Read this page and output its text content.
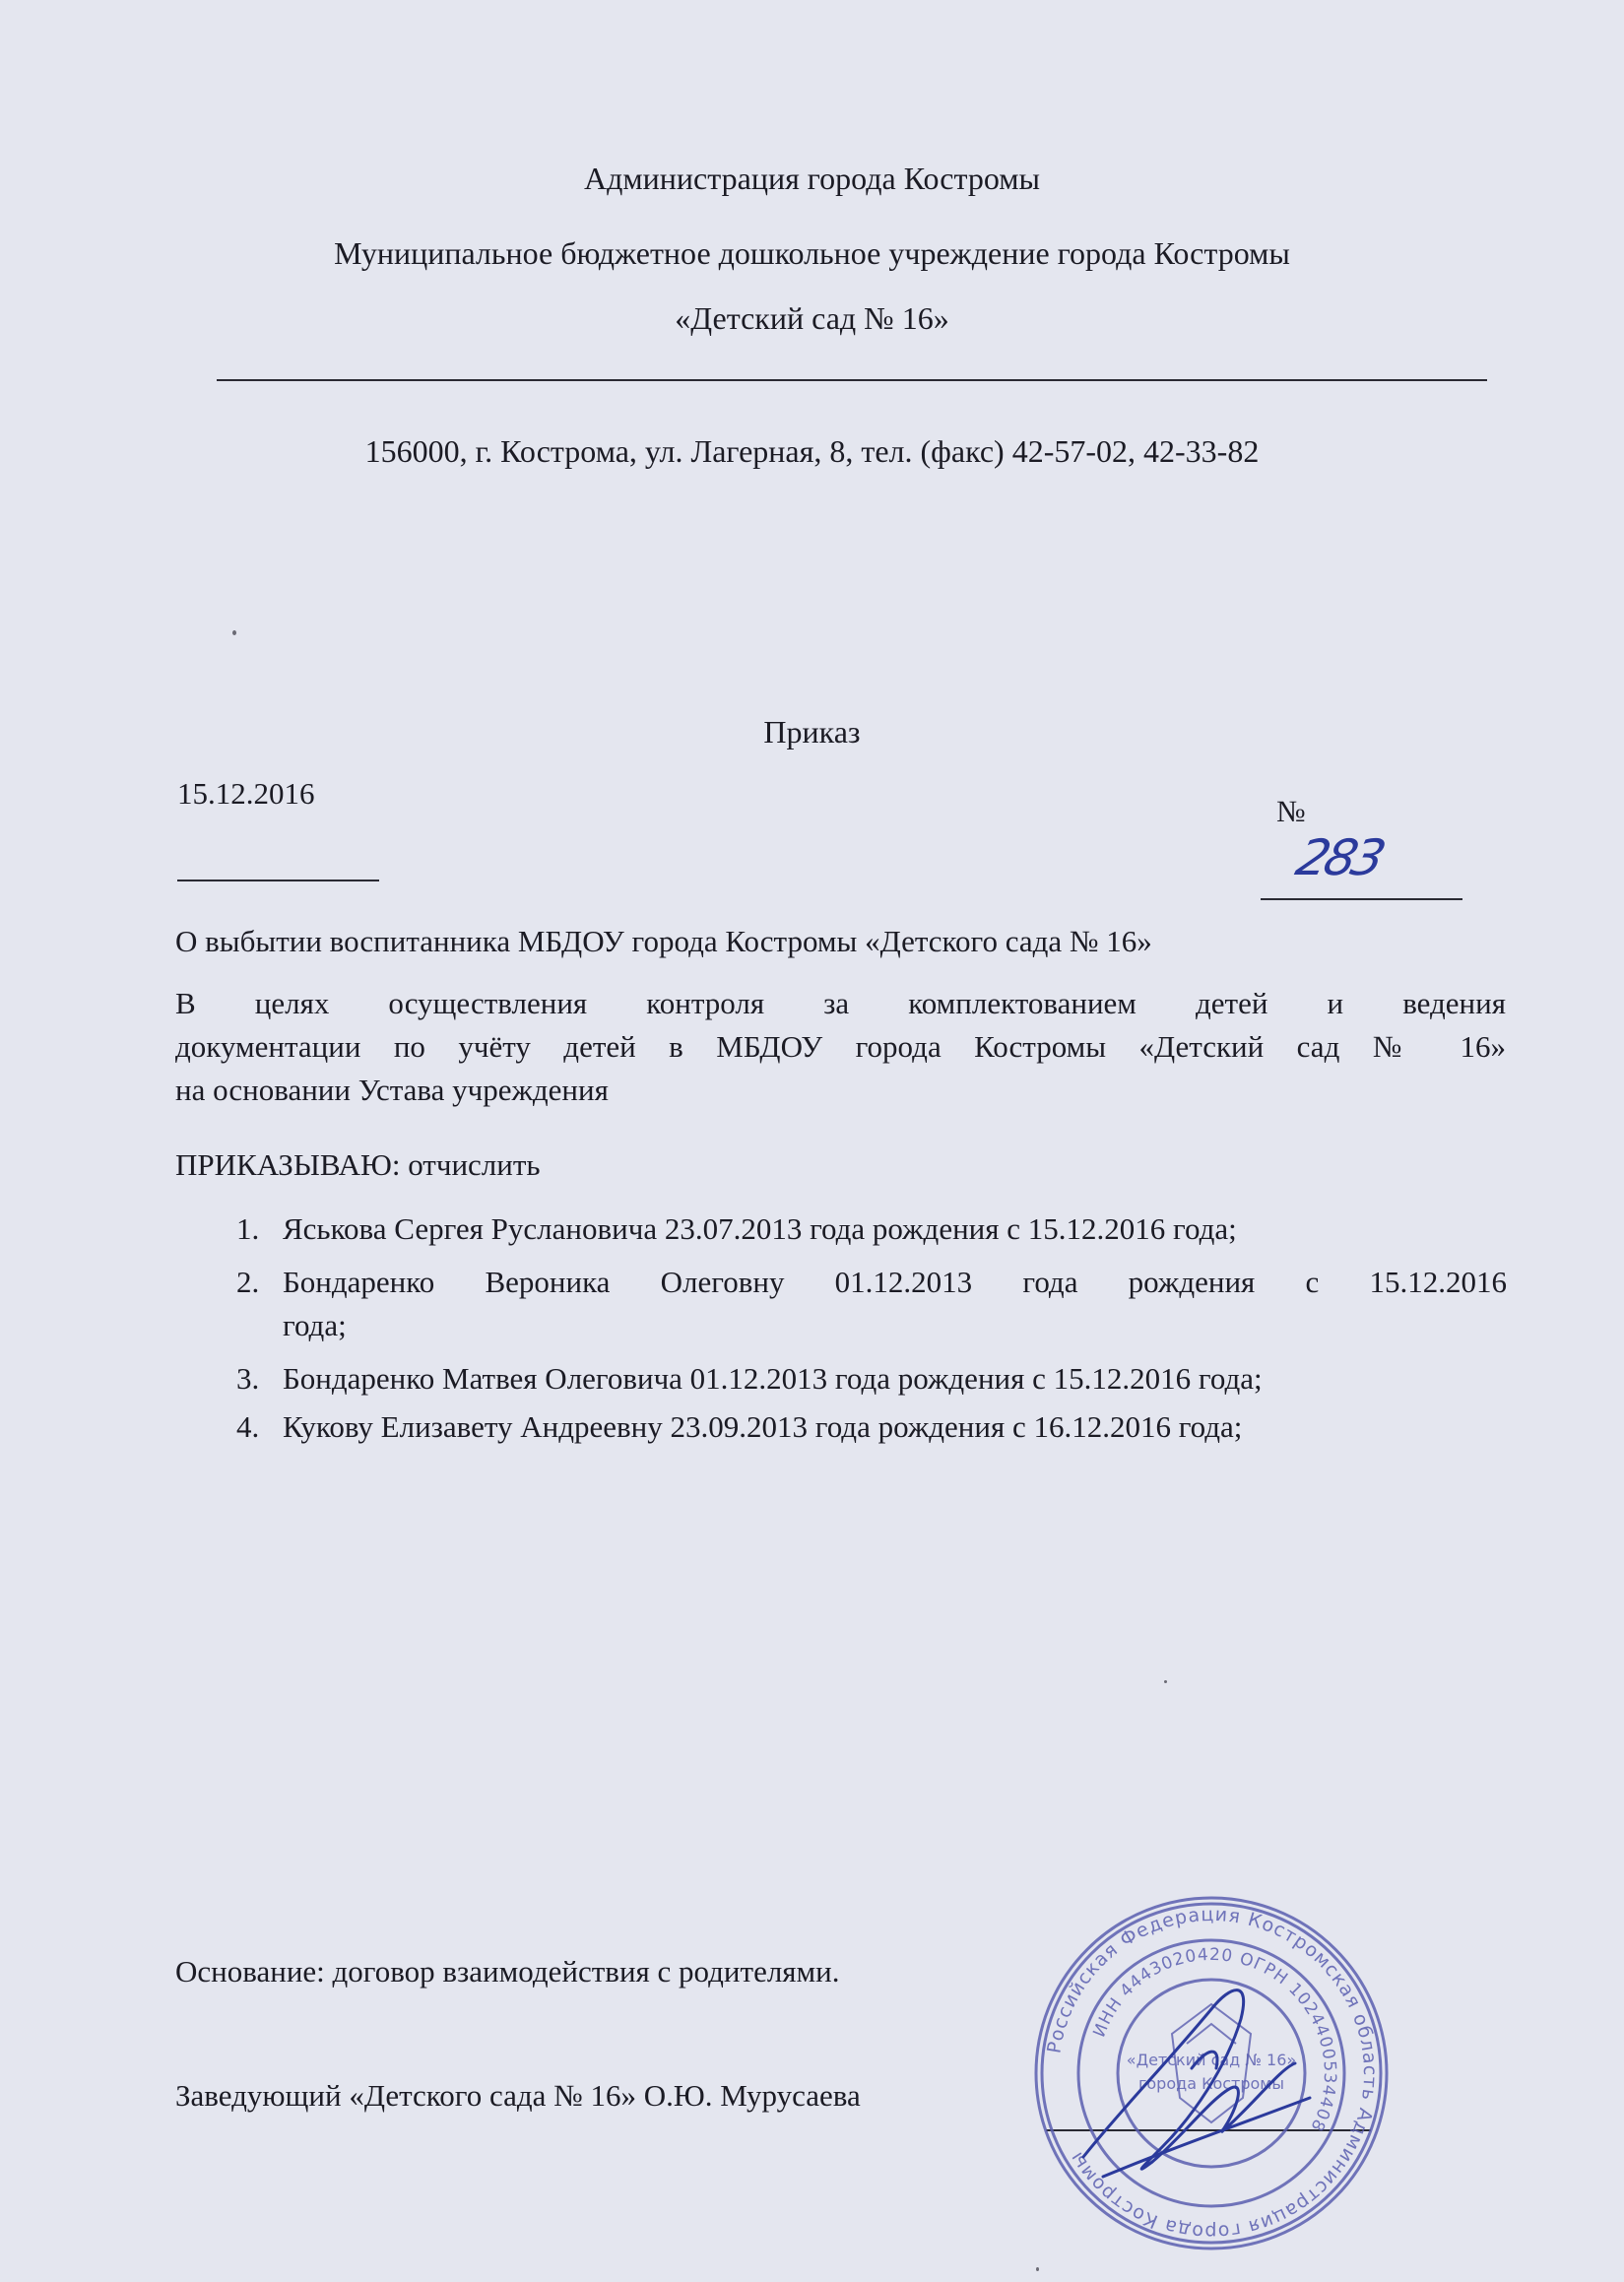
Администрация города Костромы
Муниципальное бюджетное дошкольное учреждение города Костромы
«Детский сад № 16»
156000, г. Кострома, ул. Лагерная, 8, тел. (факс) 42-57-02, 42-33-82
Приказ
15.12.2016
№
283
О выбытии воспитанника МБДОУ города Костромы «Детского сада № 16»
В целях осуществления контроля за комплектованием детей и ведения
документации по учёту детей в МБДОУ города Костромы «Детский сад № 16»
на основании Устава учреждения
ПРИКАЗЫВАЮ: отчислить
1. Яськова Сергея Руслановича 23.07.2013 года рождения с 15.12.2016 года;
2. Бондаренко Вероника Олеговну 01.12.2013 года рождения с 15.12.2016
года;
3. Бондаренко Матвея Олеговича 01.12.2013 года рождения с 15.12.2016 года;
4. Кукову Елизавету Андреевну 23.09.2013 года рождения с 16.12.2016 года;
Основание: договор взаимодействия с родителями.
Заведующий «Детского сада № 16» О.Ю. Мурусаева
Российская Федерация Костромская область Администрация города Костромы
ИНН 4443020420 ОГРН 1024400534408
«Детский сад № 16»
города Костромы
